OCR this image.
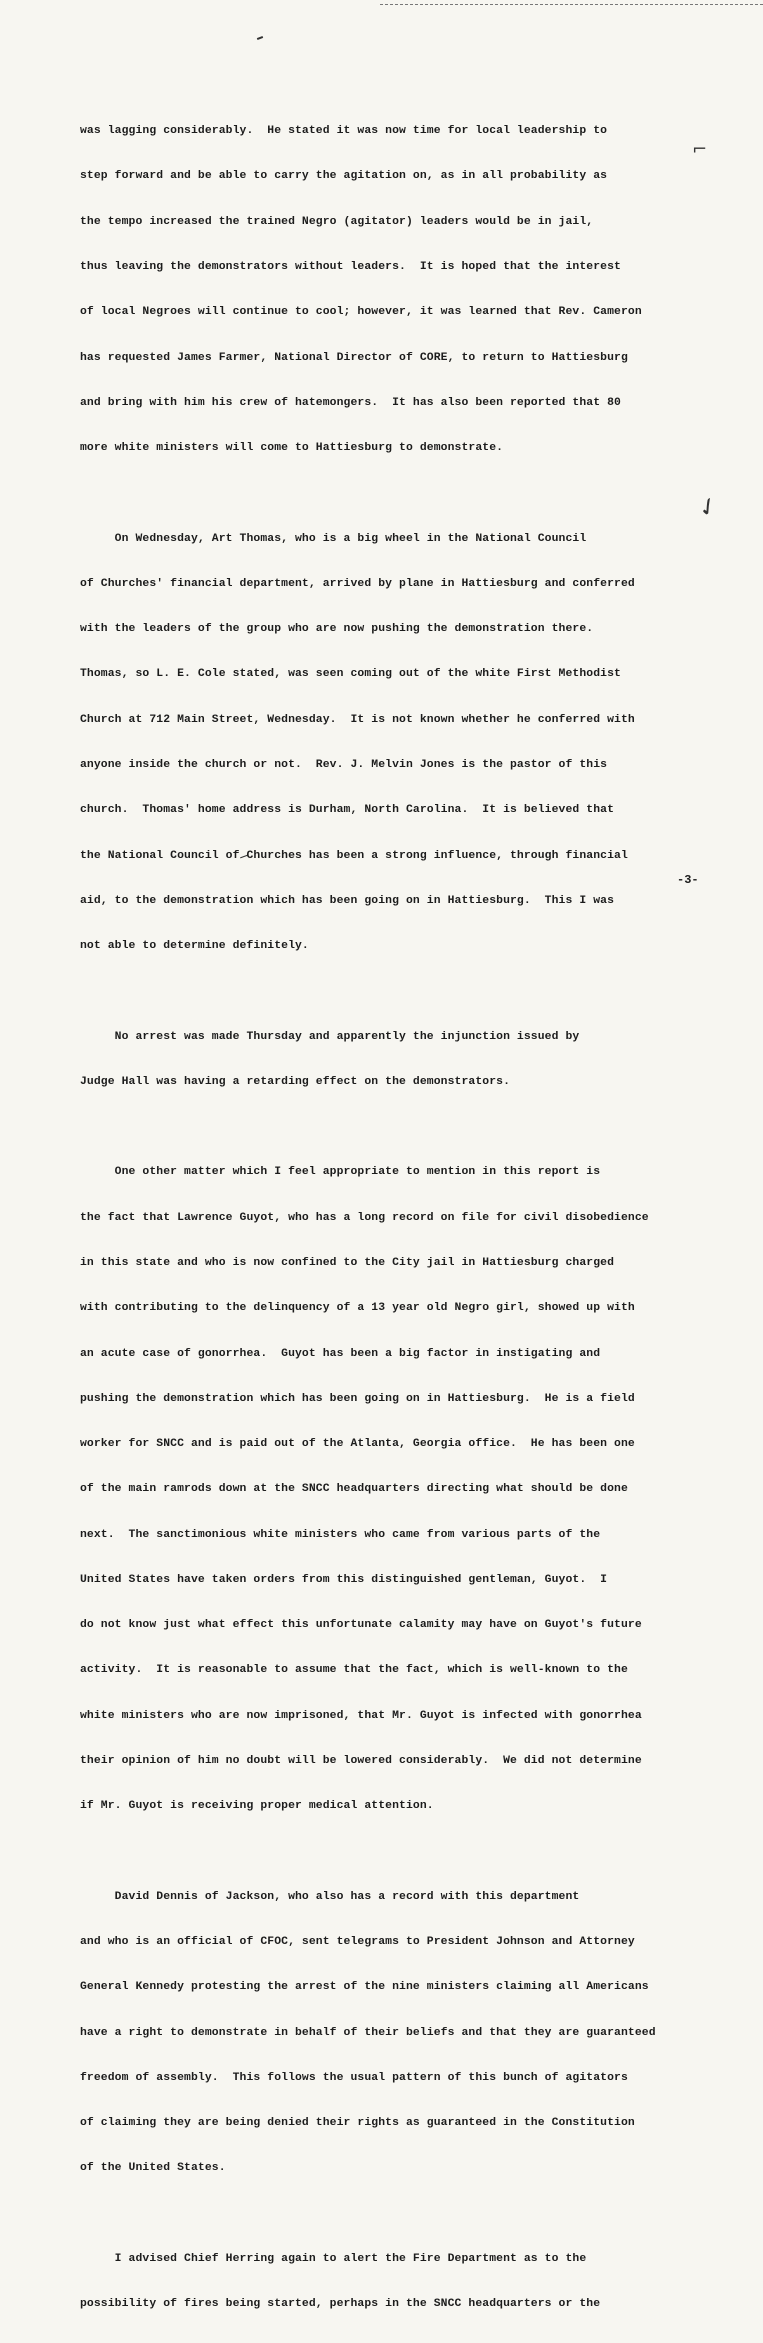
⌐
✓

was lagging considerably.  He stated it was now time for local leadership to

step forward and be able to carry the agitation on, as in all probability as

the tempo increased the trained Negro (agitator) leaders would be in jail,

thus leaving the demonstrators without leaders.  It is hoped that the interest

of local Negroes will continue to cool; however, it was learned that Rev. Cameron

has requested James Farmer, National Director of CORE, to return to Hattiesburg

and bring with him his crew of hatemongers.  It has also been reported that 80

more white ministers will come to Hattiesburg to demonstrate.

On Wednesday, Art Thomas, who is a big wheel in the National Council

of Churches' financial department, arrived by plane in Hattiesburg and conferred

with the leaders of the group who are now pushing the demonstration there.

Thomas, so L. E. Cole stated, was seen coming out of the white First Methodist

Church at 712 Main Street, Wednesday.  It is not known whether he conferred with

anyone inside the church or not.  Rev. J. Melvin Jones is the pastor of this

church.  Thomas' home address is Durham, North Carolina.  It is believed that

the National Council of Churches has been a strong influence, through financial

aid, to the demonstration which has been going on in Hattiesburg.  This I was

not able to determine definitely.

No arrest was made Thursday and apparently the injunction issued by

Judge Hall was having a retarding effect on the demonstrators.

One other matter which I feel appropriate to mention in this report is

the fact that Lawrence Guyot, who has a long record on file for civil disobedience

in this state and who is now confined to the City jail in Hattiesburg charged

with contributing to the delinquency of a 13 year old Negro girl, showed up with

an acute case of gonorrhea.  Guyot has been a big factor in instigating and

pushing the demonstration which has been going on in Hattiesburg.  He is a field

worker for SNCC and is paid out of the Atlanta, Georgia office.  He has been one

of the main ramrods down at the SNCC headquarters directing what should be done

next.  The sanctimonious white ministers who came from various parts of the

United States have taken orders from this distinguished gentleman, Guyot.  I

do not know just what effect this unfortunate calamity may have on Guyot's future

activity.  It is reasonable to assume that the fact, which is well-known to the

white ministers who are now imprisoned, that Mr. Guyot is infected with gonorrhea

their opinion of him no doubt will be lowered considerably.  We did not determine

if Mr. Guyot is receiving proper medical attention.

David Dennis of Jackson, who also has a record with this department

and who is an official of CFOC, sent telegrams to President Johnson and Attorney

General Kennedy protesting the arrest of the nine ministers claiming all Americans

have a right to demonstrate in behalf of their beliefs and that they are guaranteed

freedom of assembly.  This follows the usual pattern of this bunch of agitators

of claiming they are being denied their rights as guaranteed in the Constitution

of the United States.

I advised Chief Herring again to alert the Fire Department as to the

possibility of fires being started, perhaps in the SNCC headquarters or the

-3-
